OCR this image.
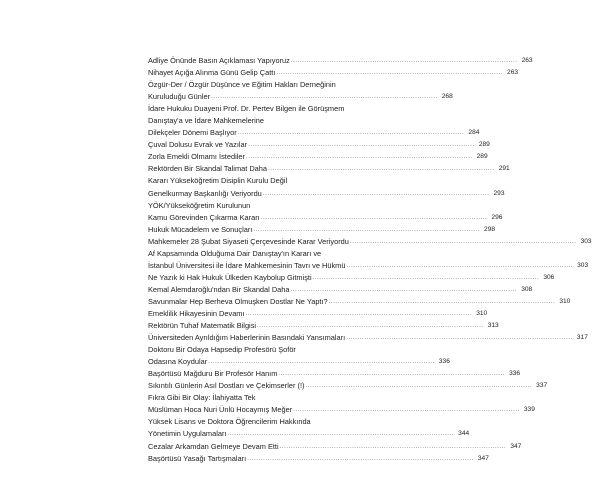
Adliye Önünde Basın Açıklaması Yapıyoruz .................................................................................................... 263
Nihayet Açığa Alınma Günü Gelip Çattı .................................................................................................... 263
Özgür-Der / Özgür Düşünce ve Eğitim Hakları Derneğinin
Kuruluduğu Günler .................................................................................................... 268
İdare Hukuku Duayeni Prof. Dr. Pertev Bilgen ile Görüşmem
Danıştay'a ve İdare Mahkemelerine
Dilekçeler Dönemi Başlıyor .................................................................................................... 284
Çuval Dolusu Evrak ve Yazılar .................................................................................................... 289
Zorla Emekli Olmamı İstediler .................................................................................................... 289
Rektörden Bir Skandal Talimat Daha .................................................................................................... 291
Kararı Yükseköğretim Disiplin Kurulu Değil
Genelkurmay Başkanlığı Veriyordu .................................................................................................... 293
YÖK/Yükseköğretim Kurulunun
Kamu Görevinden Çıkarma Kararı .................................................................................................... 296
Hukuk Mücadelem ve Sonuçları .................................................................................................... 298
Mahkemeler 28 Şubat Siyaseti Çerçevesinde Karar Veriyordu .................................................................................................... 303
Af Kapsamında Olduğuma Dair Danıştay'ın Kararı ve
İstanbul Üniversitesi ile İdare Mahkemesinin Tavrı ve Hükmü .................................................................................................... 303
Ne Yazık ki Hak Hukuk Ülkeden Kaybolup Gitmişti .................................................................................................... 306
Kemal Alemdaroğlu'ndan Bir Skandal Daha .................................................................................................... 308
Savunmalar Hep Berheva Olmuşken Dostlar Ne Yaptı? .................................................................................................... 310
Emeklilik Hikayesinin Devamı .................................................................................................... 310
Rektörün Tuhaf Matematik Bilgisi .................................................................................................... 313
Üniversiteden Ayrıldığım Haberlerinin Basındaki Yansımaları .................................................................................................... 317
Doktoru Bir Odaya Hapsedip Profesörü Şoför
Odasına Koydular .................................................................................................... 336
Başörtüsü Mağduru Bir Profesör Hanım .................................................................................................... 336
Sıkıntılı Günlerin Asıl Dostları ve Çekimserler (!) .................................................................................................... 337
Fıkra Gibi Bir Olay: İlahiyatta Tek
Müslüman Hoca Nuri Ünlü Hocaymış Meğer .................................................................................................... 339
Yüksek Lisans ve Doktora Öğrencilerim Hakkında
Yönetimin Uygulamaları .................................................................................................... 344
Cezalar Arkamdan Gelmeye Devam Etti .................................................................................................... 347
Başörtüsü Yasağı Tartışmaları .................................................................................................... 347
